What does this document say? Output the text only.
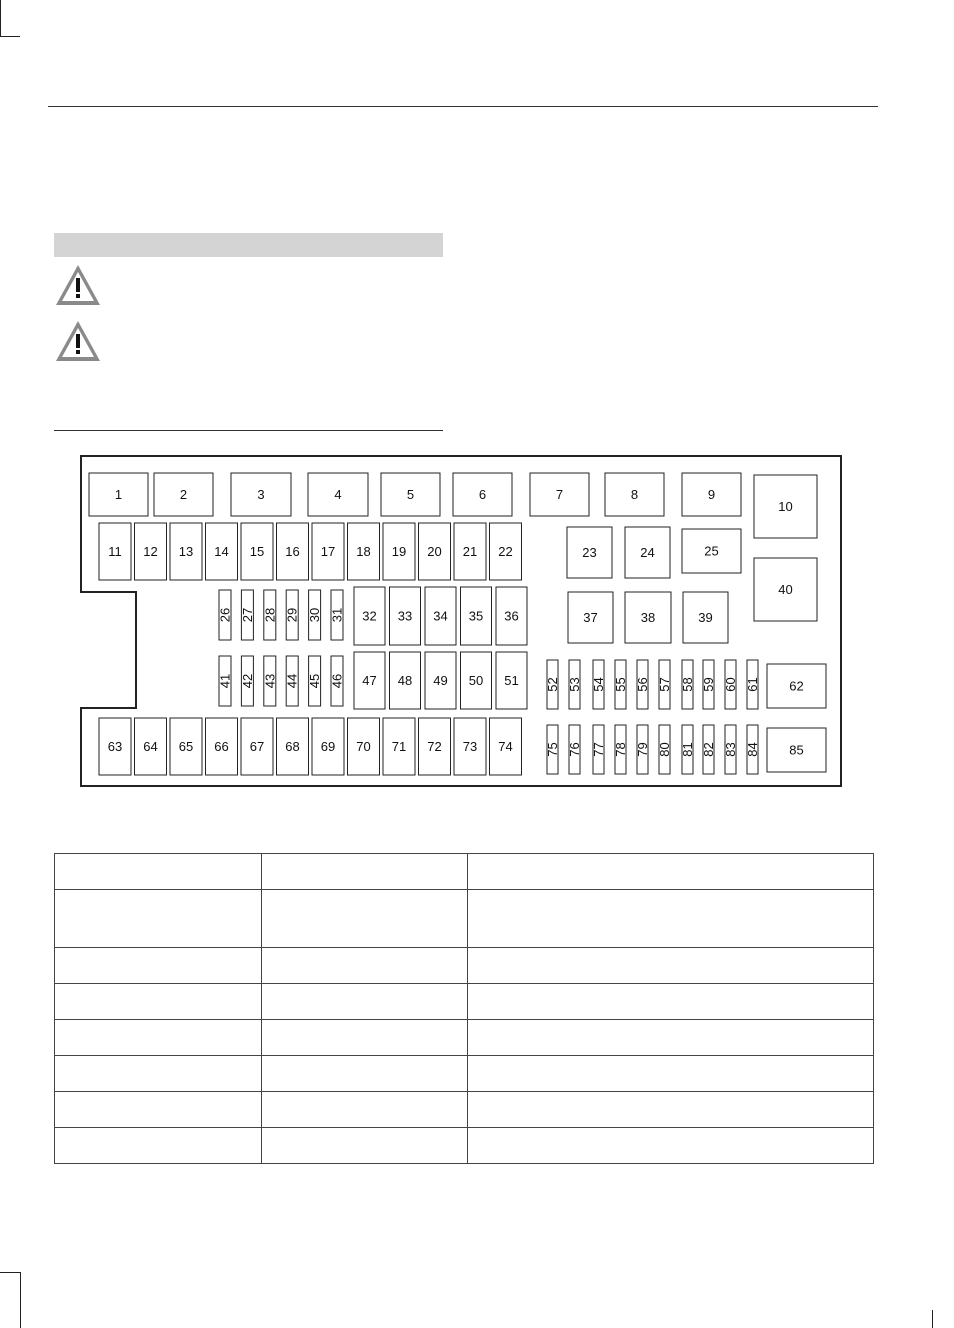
1	2	3	4	5	6	7	8	9
10
11 12 13 14 15 16 17 18 19 20 21 22	23	24	25
26 27 28 29 30 31 32 33 34 35 36	37	38	39
40
41 42 43 44 45 46 47 48 49 50 51 52 53 54 55 56 57 58 59 60 61 62
63 64 65 66 67 68 69 70 71 72 73 74 75 76 77 78 79 80 81 82 83 84 85
